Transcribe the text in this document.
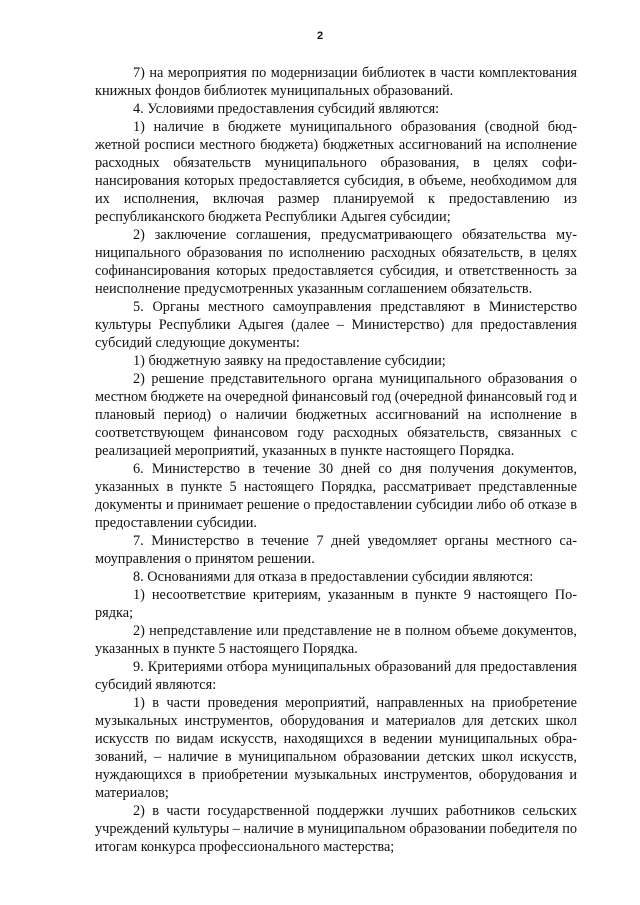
2

7) на мероприятия по модернизации библиотек в части комплектования книжных фондов библиотек муниципальных образований.

4. Условиями предоставления субсидий являются:

1) наличие в бюджете муниципального образования (сводной бюджетной росписи местного бюджета) бюджетных ассигнований на исполнение расходных обязательств муниципального образования, в целях софинансирования которых предоставляется субсидия, в объеме, необходимом для их исполнения, включая размер планируемой к предоставлению из республиканского бюджета Республики Адыгея субсидии;

2) заключение соглашения, предусматривающего обязательства муниципального образования по исполнению расходных обязательств, в целях софинансирования которых предоставляется субсидия, и ответственность за неисполнение предусмотренных указанным соглашением обязательств.

5. Органы местного самоуправления представляют в Министерство культуры Республики Адыгея (далее – Министерство) для предоставления субсидий следующие документы:

1) бюджетную заявку на предоставление субсидии;

2) решение представительного органа муниципального образования о местном бюджете на очередной финансовый год (очередной финансовый год и плановый период) о наличии бюджетных ассигнований на исполнение в соответствующем финансовом году расходных обязательств, связанных с реализацией мероприятий, указанных в пункте настоящего Порядка.

6. Министерство в течение 30 дней со дня получения документов, указанных в пункте 5 настоящего Порядка, рассматривает представленные документы и принимает решение о предоставлении субсидии либо об отказе в предоставлении субсидии.

7. Министерство в течение 7 дней уведомляет органы местного самоуправления о принятом решении.

8. Основаниями для отказа в предоставлении субсидии являются:

1) несоответствие критериям, указанным в пункте 9 настоящего Порядка;

2) непредставление или представление не в полном объеме документов, указанных в пункте 5 настоящего Порядка.

9. Критериями отбора муниципальных образований для предоставления субсидий являются:

1) в части проведения мероприятий, направленных на приобретение музыкальных инструментов, оборудования и материалов для детских школ искусств по видам искусств, находящихся в ведении муниципальных образований, – наличие в муниципальном образовании детских школ искусств, нуждающихся в приобретении музыкальных инструментов, оборудования и материалов;

2) в части государственной поддержки лучших работников сельских учреждений культуры – наличие в муниципальном образовании победителя по итогам конкурса профессионального мастерства;
